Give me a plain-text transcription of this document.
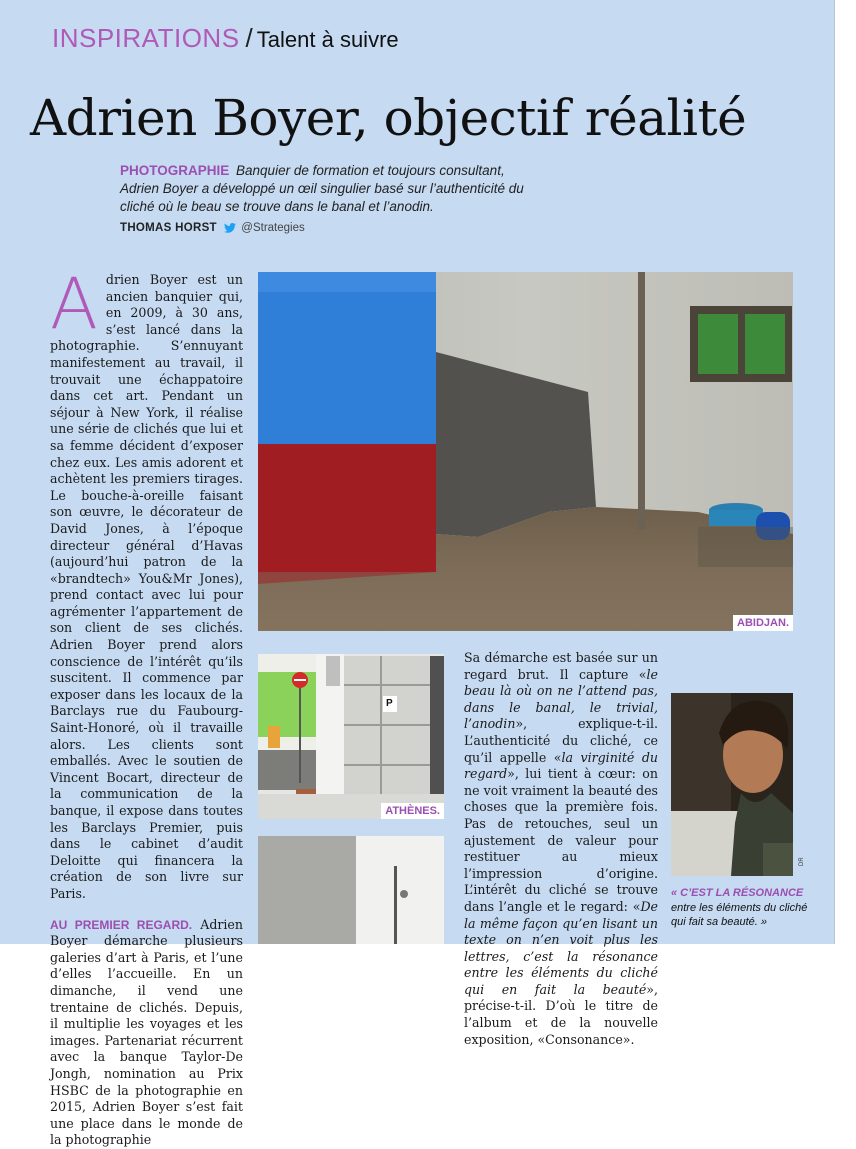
INSPIRATIONS / Talent à suivre
Adrien Boyer, objectif réalité
PHOTOGRAPHIE Banquier de formation et toujours consultant, Adrien Boyer a développé un œil singulier basé sur l’authenticité du cliché où le beau se trouve dans le banal et l’anodin.
THOMAS HORST @Strategies

Adrien Boyer est un ancien banquier qui, en 2009, à 30 ans, s’est lancé dans la photographie. S’ennuyant manifestement au travail, il trouvait une échappatoire dans cet art. Pendant un séjour à New York, il réalise une série de clichés que lui et sa femme décident d’exposer chez eux. Les amis adorent et achètent les premiers tirages. Le bouche-à-oreille faisant son œuvre, le décorateur de David Jones, à l’époque directeur général d’Havas (aujourd’hui patron de la «brandtech» You&Mr Jones), prend contact avec lui pour agrémenter l’appartement de son client de ses clichés. Adrien Boyer prend alors conscience de l’intérêt qu’ils suscitent. Il commence par exposer dans les locaux de la Barclays rue du Faubourg-Saint-Honoré, où il travaille alors. Les clients sont emballés. Avec le soutien de Vincent Bocart, directeur de la communication de la banque, il expose dans toutes les Barclays Premier, puis dans le cabinet d’audit Deloitte qui financera la création de son livre sur Paris.

AU PREMIER REGARD. Adrien Boyer démarche plusieurs galeries d’art à Paris, et l’une d’elles l’accueille. En un dimanche, il vend une trentaine de clichés. Depuis, il multiplie les voyages et les images. Partenariat récurrent avec la banque Taylor-De Jongh, nomination au Prix HSBC de la photographie en 2015, Adrien Boyer s’est fait une place dans le monde de la photographie

ABIDJAN.
P
ATHÈNES.

Sa démarche est basée sur un regard brut. Il capture «le beau là où on ne l’attend pas, dans le banal, le trivial, l’anodin», explique-t-il. L’authenticité du cliché, ce qu’il appelle «la virginité du regard», lui tient à cœur: on ne voit vraiment la beauté des choses que la première fois. Pas de retouches, seul un ajustement de valeur pour restituer au mieux l’impression d’origine. L’intérêt du cliché se trouve dans l’angle et le regard: «De la même façon qu’en lisant un texte on n’en voit plus les lettres, c’est la résonance entre les éléments du cliché qui en fait la beauté», précise-t-il. D’où le titre de l’album et de la nouvelle exposition, «Consonance».

DR
« C’EST LA RÉSONANCE entre les éléments du cliché qui fait sa beauté. »
